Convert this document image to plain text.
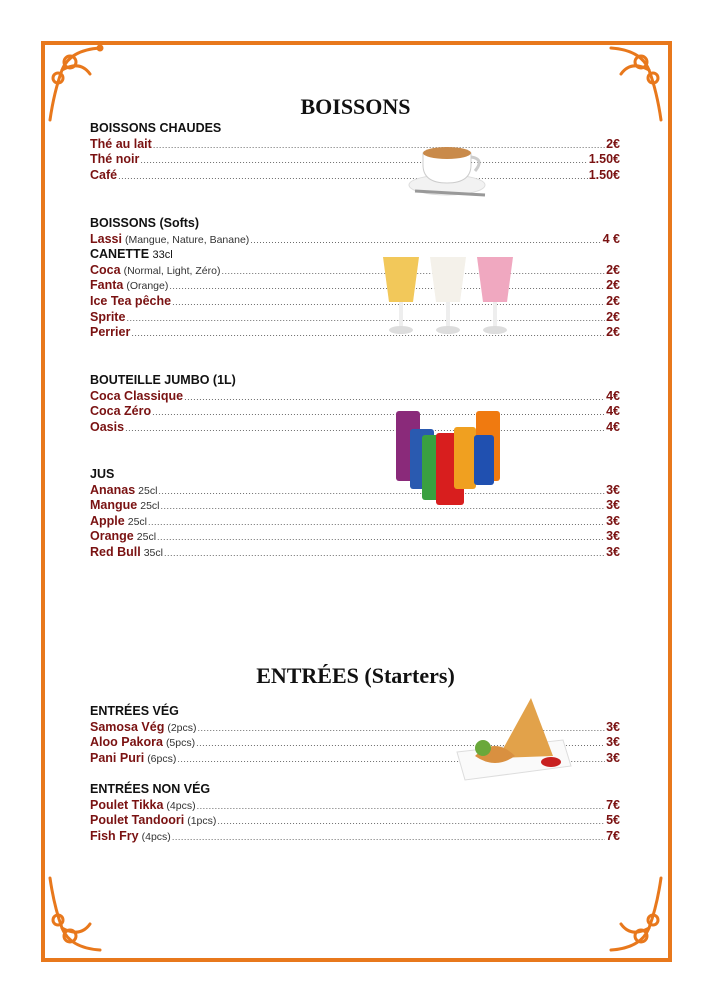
BOISSONS
BOISSONS CHAUDES
Thé au lait .....	2€
Thé noir .....	1.50€
Café .....	1.50€
BOISSONS (Softs)
Lassi (Mangue, Nature, Banane) .....	4 €
CANETTE
33cl
Coca (Normal, Light, Zéro) .....	2€
Fanta (Orange) .....	2€
Ice Tea pêche .....	2€
Sprite .....	2€
Perrier .....	2€
BOUTEILLE JUMBO (1L)
Coca Classique .....	4€
Coca Zéro .....	4€
Oasis .....	4€
JUS
Ananas 25cl .....	3€
Mangue 25cl .....	3€
Apple 25cl .....	3€
Orange 25cl .....	3€
Red Bull 35cl .....	3€
ENTRÉES (Starters)
ENTRÉES VÉG
Samosa Vég (2pcs) .....	3€
Aloo Pakora (5pcs) .....	3€
Pani Puri (6pcs) .....	3€
ENTRÉES NON VÉG
Poulet Tikka (4pcs) .....	7€
Poulet Tandoori (1pcs) .....	5€
Fish Fry (4pcs) .....	7€
